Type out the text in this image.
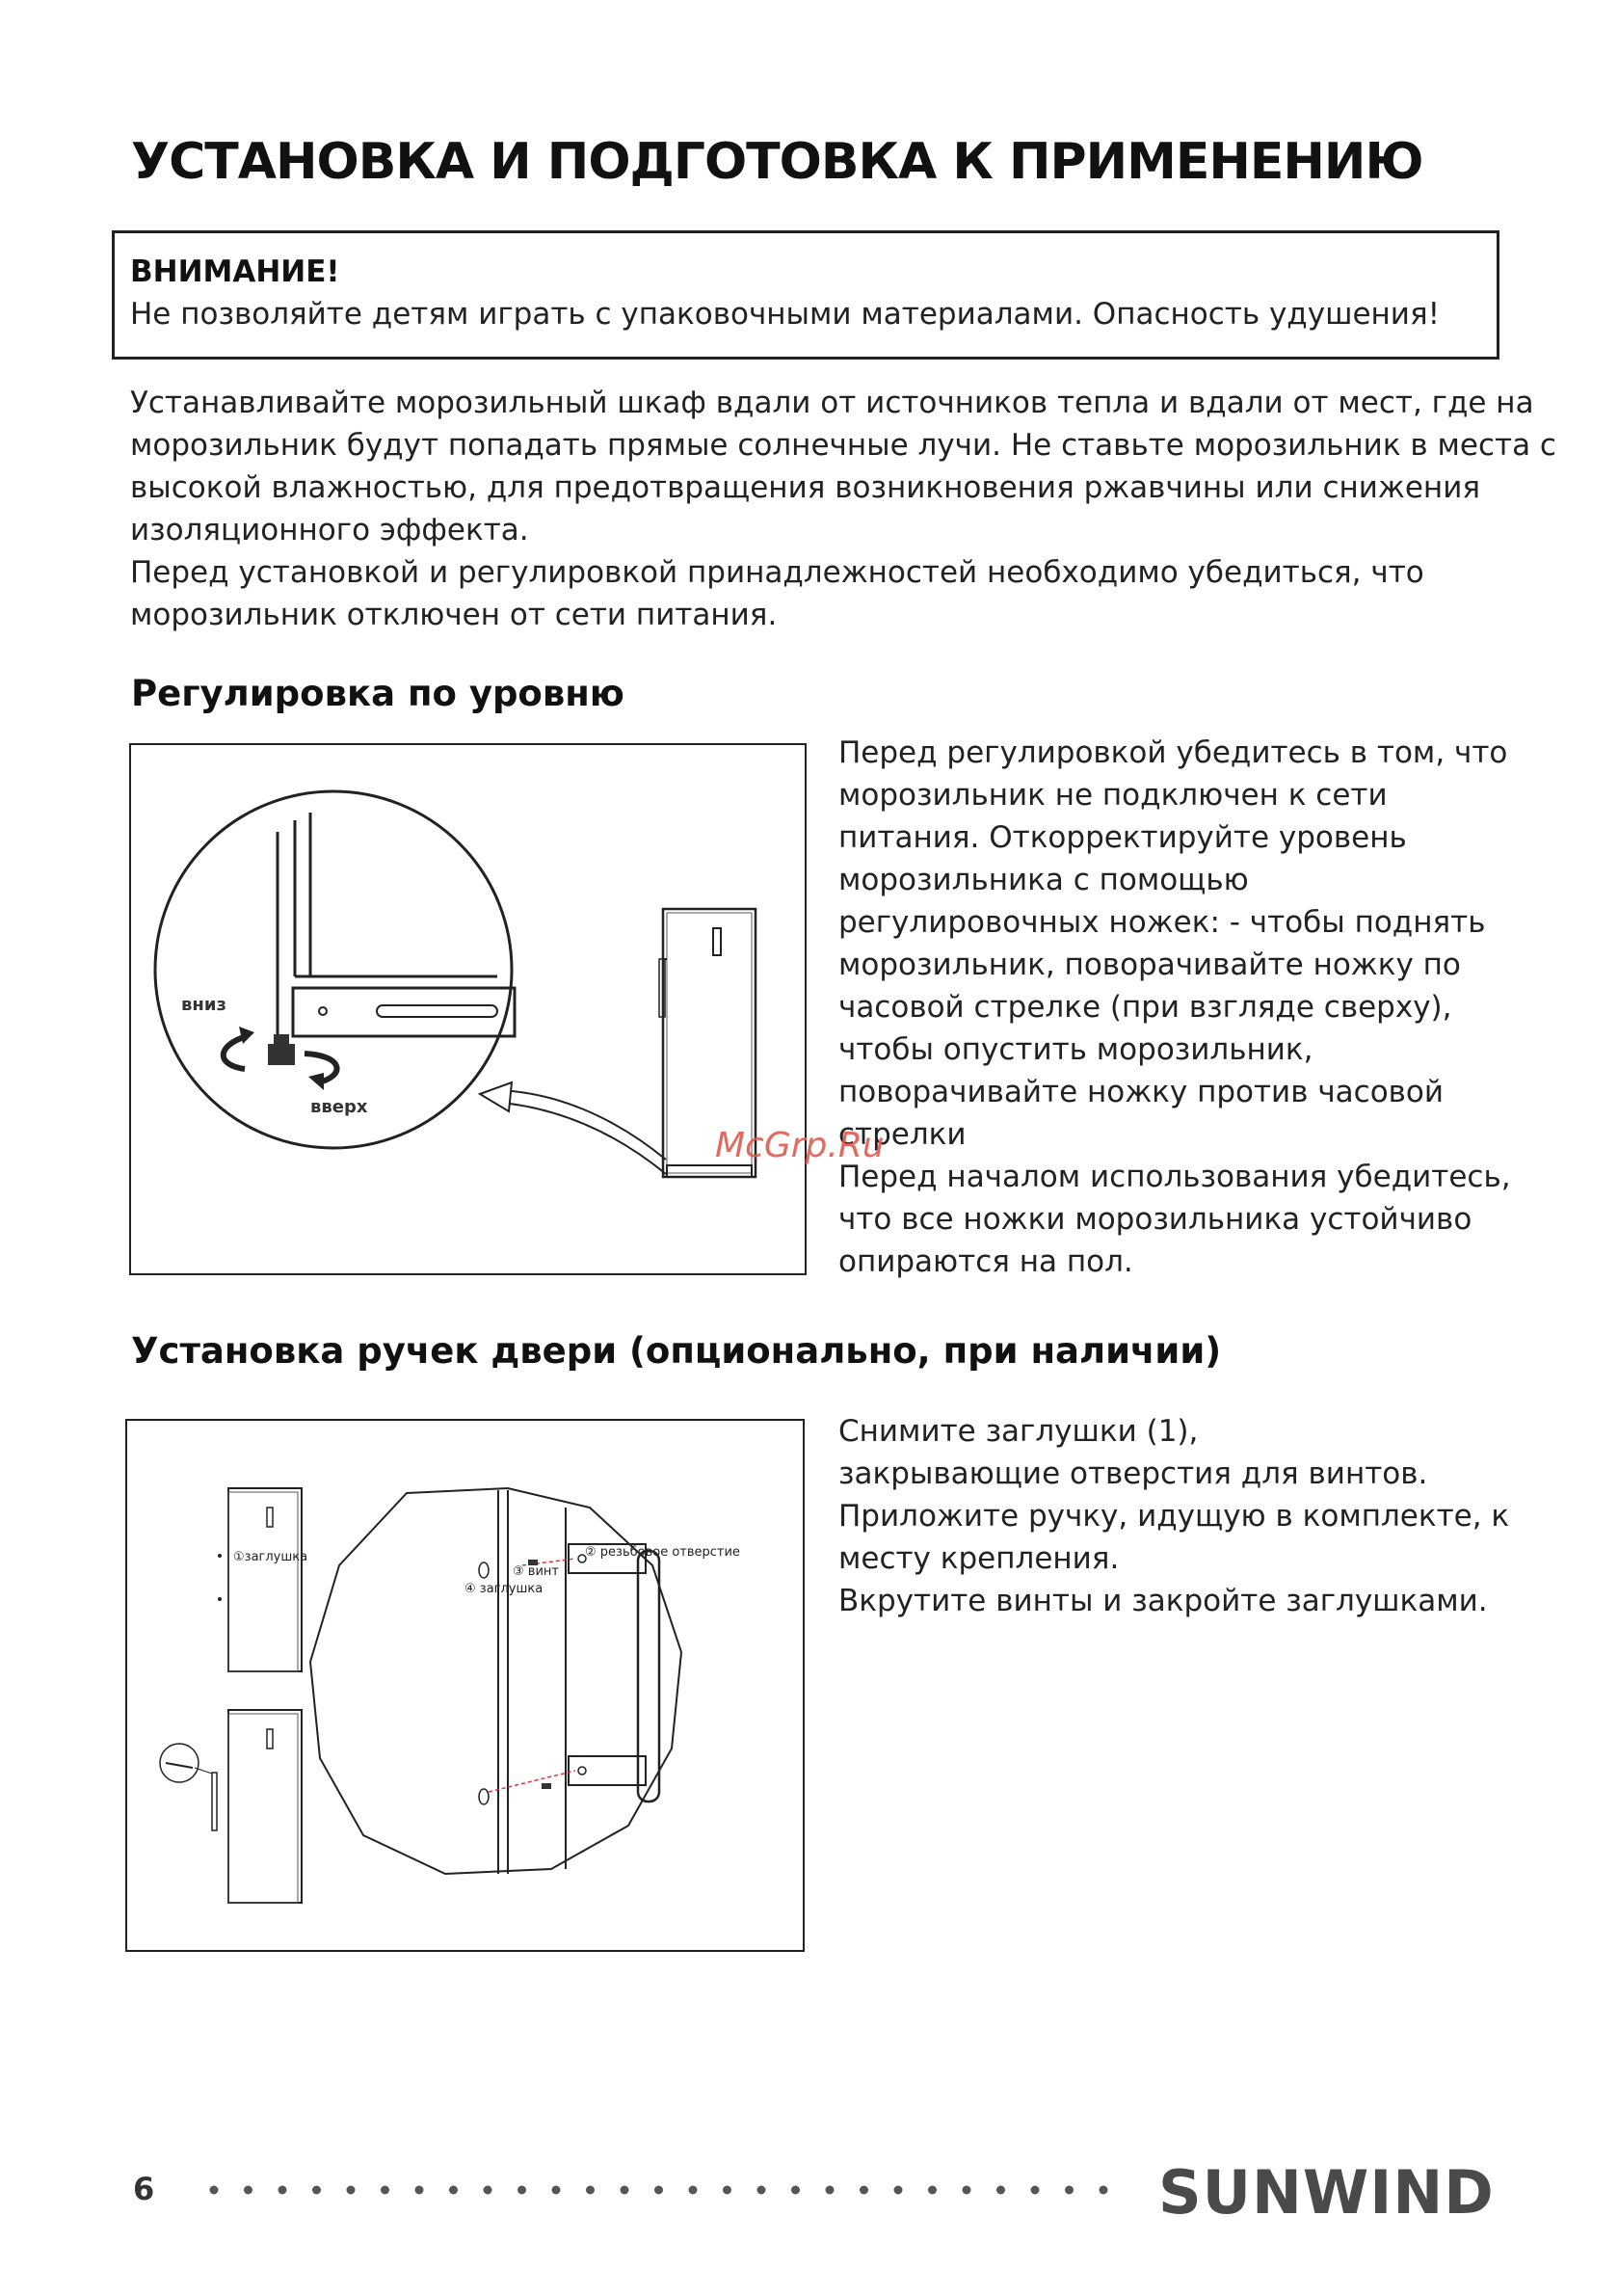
УСТАНОВКА И ПОДГОТОВКА К ПРИМЕНЕНИЮ

ВНИМАНИЕ!

Не позволяйте детям играть с упаковочными материалами. Опасность удушения!

Устанавливайте морозильный шкаф вдали от источников тепла и вдали от мест, где на

морозильник будут попадать прямые солнечные лучи. Не ставьте морозильник в места с

высокой влажностью, для предотвращения возникновения ржавчины или снижения

изоляционного эффекта.

Перед установкой и регулировкой принадлежностей необходимо убедиться, что

морозильник отключен от сети питания.

Регулировка по уровню
вниз
вверх

Перед регулировкой убедитесь в том, что

морозильник не подключен к сети

питания. Откорректируйте уровень

морозильника с помощью

регулировочных ножек: - чтобы поднять

морозильник, поворачивайте ножку по

часовой стрелке (при взгляде сверху),

чтобы опустить морозильник,

поворачивайте ножку против часовой

стрелки

Перед началом использования убедитесь,

что все ножки морозильника устойчиво

опираются на пол.

McGrp.Ru
Установка ручек двери (опционально, при наличии)
①заглушка	② резьбовое отверстие
③ винт
④ заглушка

Снимите заглушки (1),

закрывающие отверстия для винтов.

Приложите ручку, идущую в комплекте, к

месту крепления.

Вкрутите винты и закройте заглушками.

6	SUNWIND
